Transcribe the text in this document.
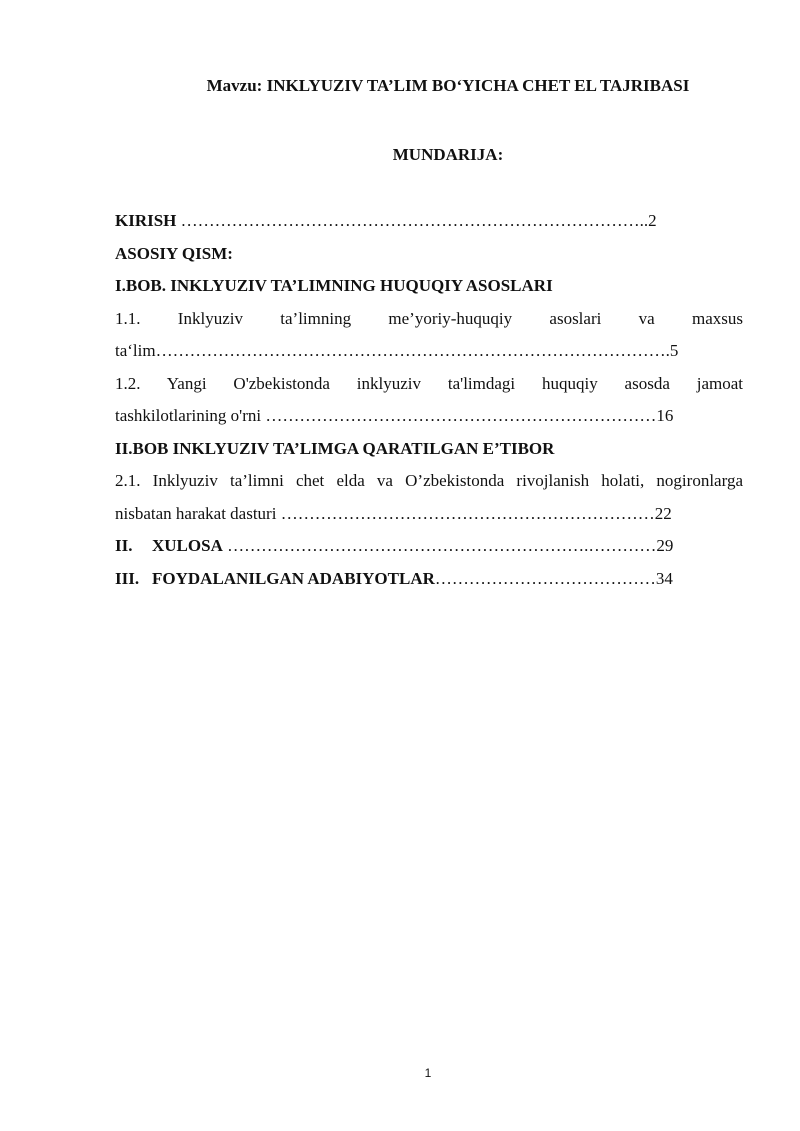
Mavzu: INKLYUZIV TA’LIM BO‘YICHA CHET EL TAJRIBASI
MUNDARIJA:
KIRISH ………………………………………………………………………..2
ASOSIY QISM:
I.BOB. INKLYUZIV TA’LIMNING HUQUQIY ASOSLARI
1.1. Inklyuziv ta’limning me’yoriy-huquqiy asoslari va maxsus
ta‘lim……………………………………………………………………………….5
1.2. Yangi O'zbekistonda inklyuziv ta'limdagi huquqiy asosda jamoat
tashkilotlarining o'rni ……………………………………………………………16
II.BOB INKLYUZIV TA’LIMGA QARATILGAN E’TIBOR
2.1. Inklyuziv ta’limni chet elda va O’zbekistonda rivojlanish holati, nogironlarga
nisbatan harakat dasturi …………………………………………………………22
II. XULOSA ……………………………………………………….…………29
III. FOYDALANILGAN ADABIYOTLAR…………………………………34
1
